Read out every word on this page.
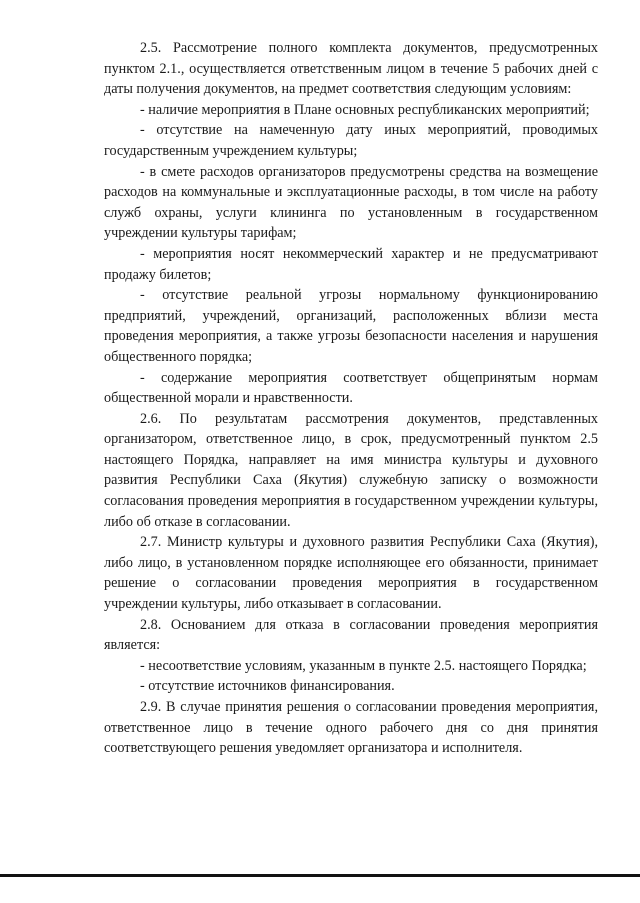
2.5. Рассмотрение полного комплекта документов, предусмотренных пунктом 2.1., осуществляется ответственным лицом в течение 5 рабочих дней с даты получения документов, на предмет соответствия следующим условиям:

- наличие мероприятия в Плане основных республиканских мероприятий;

- отсутствие на намеченную дату иных мероприятий, проводимых государственным учреждением культуры;

- в смете расходов организаторов предусмотрены средства на возмещение расходов на коммунальные и эксплуатационные расходы, в том числе на работу служб охраны, услуги клининга по установленным в государственном учреждении культуры тарифам;

- мероприятия носят некоммерческий характер и не предусматривают продажу билетов;

- отсутствие реальной угрозы нормальному функционированию предприятий, учреждений, организаций, расположенных вблизи места проведения мероприятия, а также угрозы безопасности населения и нарушения общественного порядка;

- содержание мероприятия соответствует общепринятым нормам общественной морали и нравственности.

2.6. По результатам рассмотрения документов, представленных организатором, ответственное лицо, в срок, предусмотренный пунктом 2.5 настоящего Порядка, направляет на имя министра культуры и духовного развития Республики Саха (Якутия) служебную записку о возможности согласования проведения мероприятия в государственном учреждении культуры, либо об отказе в согласовании.

2.7. Министр культуры и духовного развития Республики Саха (Якутия), либо лицо, в установленном порядке исполняющее его обязанности, принимает решение о согласовании проведения мероприятия в государственном учреждении культуры, либо отказывает в согласовании.

2.8. Основанием для отказа в согласовании проведения мероприятия является:

- несоответствие условиям, указанным в пункте 2.5. настоящего Порядка;

- отсутствие источников финансирования.

2.9. В случае принятия решения о согласовании проведения мероприятия, ответственное лицо в течение одного рабочего дня со дня принятия соответствующего решения уведомляет организатора и исполнителя.
